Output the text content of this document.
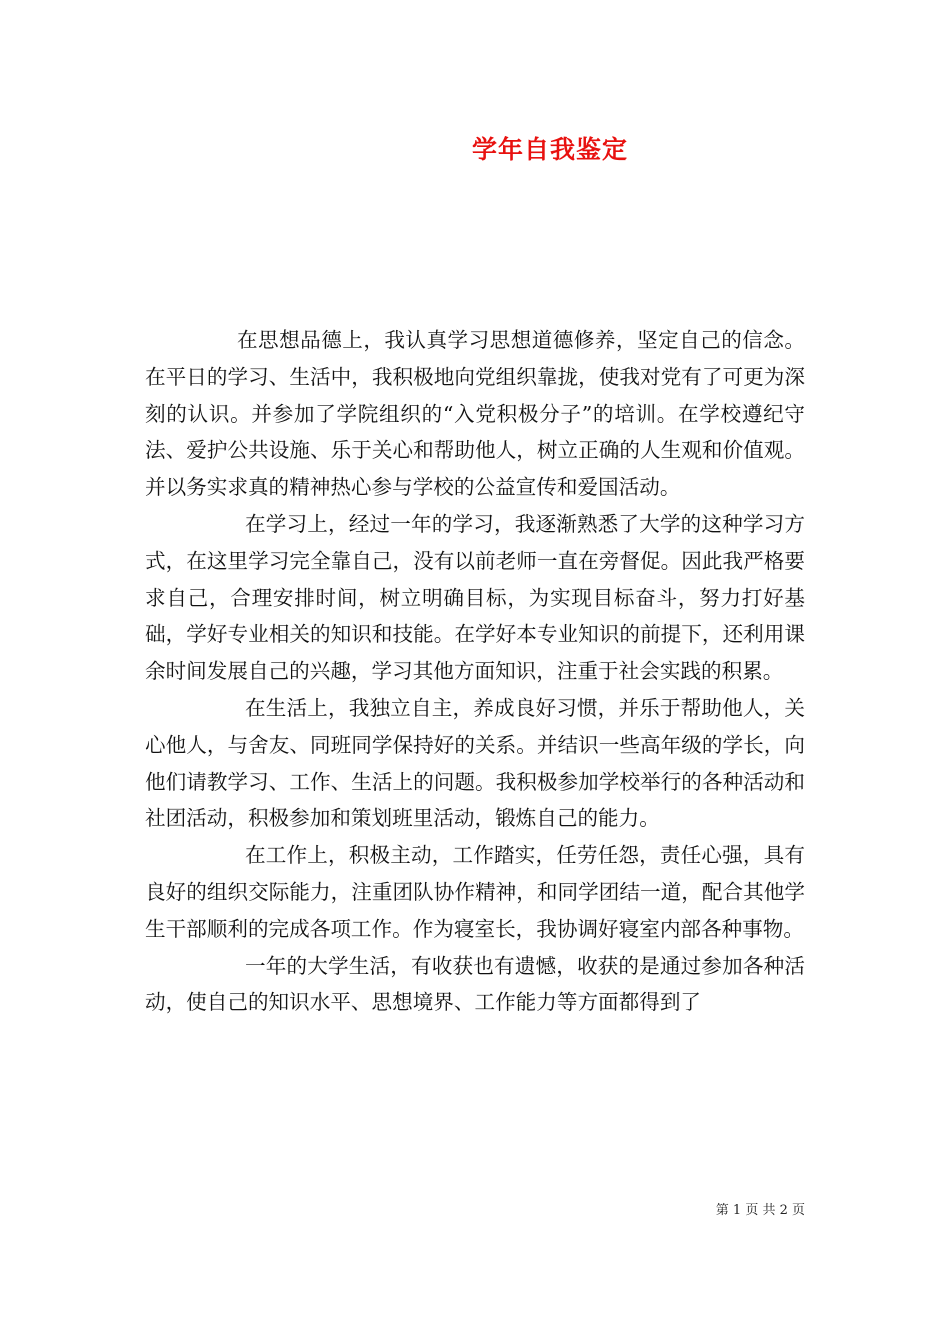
学年自我鉴定

在思想品德上，我认真学习思想道德修养，坚定自己的信念。在平日的学习、生活中，我积极地向党组织靠拢，使我对党有了可更为深刻的认识。并参加了学院组织的“入党积极分子”的培训。在学校遵纪守法、爱护公共设施、乐于关心和帮助他人，树立正确的人生观和价值观。并以务实求真的精神热心参与学校的公益宣传和爱国活动。

在学习上，经过一年的学习，我逐渐熟悉了大学的这种学习方式，在这里学习完全靠自己，没有以前老师一直在旁督促。因此我严格要求自己，合理安排时间，树立明确目标，为实现目标奋斗，努力打好基础，学好专业相关的知识和技能。在学好本专业知识的前提下，还利用课余时间发展自己的兴趣，学习其他方面知识，注重于社会实践的积累。

在生活上，我独立自主，养成良好习惯，并乐于帮助他人，关心他人，与舍友、同班同学保持好的关系。并结识一些高年级的学长，向他们请教学习、工作、生活上的问题。我积极参加学校举行的各种活动和社团活动，积极参加和策划班里活动，锻炼自己的能力。

在工作上，积极主动，工作踏实，任劳任怨，责任心强，具有良好的组织交际能力，注重团队协作精神，和同学团结一道，配合其他学生干部顺利的完成各项工作。作为寝室长，我协调好寝室内部各种事物。

一年的大学生活，有收获也有遗憾，收获的是通过参加各种活动，使自己的知识水平、思想境界、工作能力等方面都得到了

第 1 页 共 2 页
